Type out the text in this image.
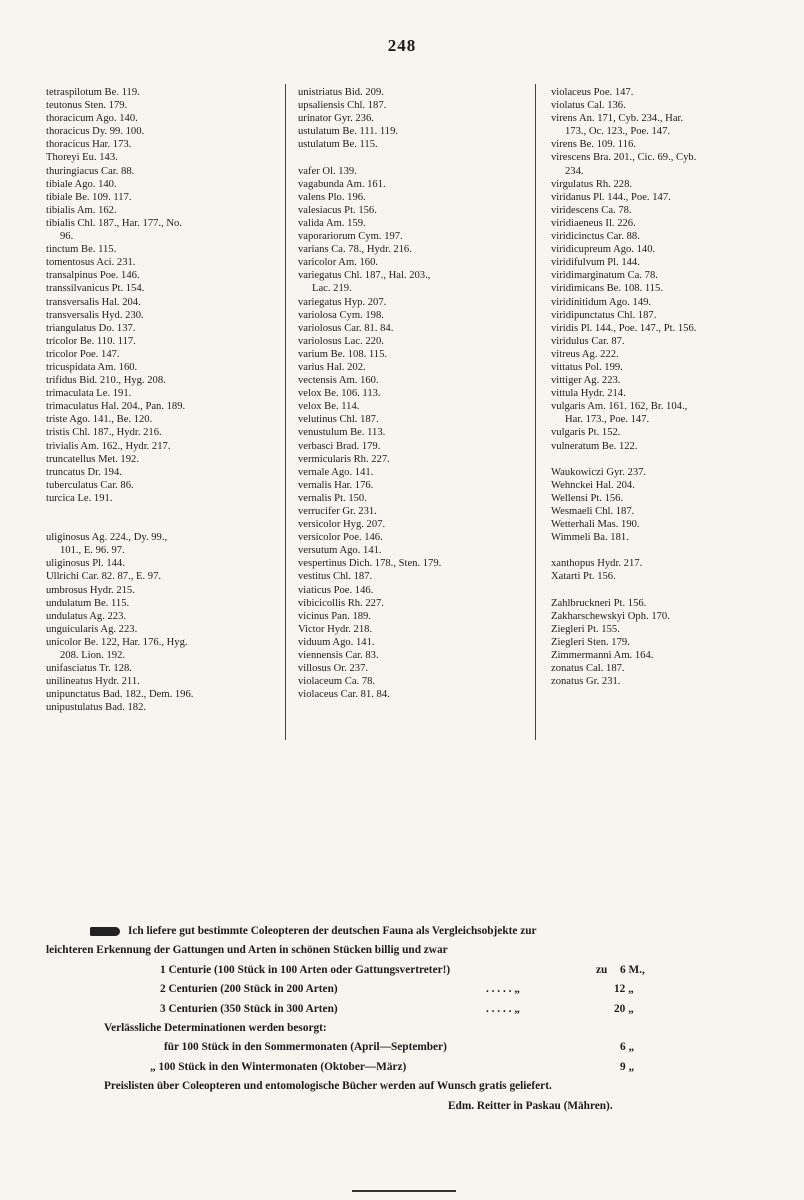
248
tetraspilotum Be. 119.
teutonus Sten. 179.
thoracicum Ago. 140.
thoracicus Dy. 99. 100.
thoracicus Har. 173.
Thoreyi Eu. 143.
thuringiacus Car. 88.
tibiale Ago. 140.
tibiale Be. 109. 117.
tibialis Am. 162.
tibialis Chl. 187., Har. 177., No.
96.
tinctum Be. 115.
tomentosus Aci. 231.
transalpinus Poe. 146.
transsilvanicus Pt. 154.
transversalis Hal. 204.
transversalis Hyd. 230.
triangulatus Do. 137.
tricolor Be. 110. 117.
tricolor Poe. 147.
tricuspidata Am. 160.
trifidus Bid. 210., Hyg. 208.
trimaculata Le. 191.
trimaculatus Hal. 204., Pan. 189.
triste Ago. 141., Be. 120.
tristis Chl. 187., Hydr. 216.
trivialis Am. 162., Hydr. 217.
truncatellus Met. 192.
truncatus Dr. 194.
tuberculatus Car. 86.
turcica Le. 191.
uliginosus Ag. 224., Dy. 99.,
101., E. 96. 97.
uliginosus Pl. 144.
Ullrichi Car. 82. 87., E. 97.
umbrosus Hydr. 215.
undulatum Be. 115.
undulatus Ag. 223.
unguicularis Ag. 223.
unicolor Be. 122, Har. 176., Hyg.
208. Lion. 192.
unifasciatus Tr. 128.
unilineatus Hydr. 211.
unipunctatus Bad. 182., Dem. 196.
unipustulatus Bad. 182.
unistriatus Bid. 209.
upsaliensis Chl. 187.
urinator Gyr. 236.
ustulatum Be. 111. 119.
ustulatum Be. 115.
vafer Ol. 139.
vagabunda Am. 161.
valens Plo. 196.
valesiacus Pt. 156.
valida Am. 159.
vaporariorum Cym. 197.
varians Ca. 78., Hydr. 216.
varicolor Am. 160.
variegatus Chl. 187., Hal. 203.,
Lac. 219.
variegatus Hyp. 207.
variolosa Cym. 198.
variolosus Car. 81. 84.
variolosus Lac. 220.
varium Be. 108. 115.
varius Hal. 202.
vectensis Am. 160.
velox Be. 106. 113.
velox Be. 114.
velutinus Chl. 187.
venustulum Be. 113.
verbasci Brad. 179.
vermicularis Rh. 227.
vernale Ago. 141.
vernalis Har. 176.
vernalis Pt. 150.
verrucifer Gr. 231.
versicolor Hyg. 207.
versicolor Poe. 146.
versutum Ago. 141.
vespertinus Dich. 178., Sten. 179.
vestitus Chl. 187.
viaticus Poe. 146.
vibicicollis Rh. 227.
vicinus Pan. 189.
Victor Hydr. 218.
viduum Ago. 141.
viennensis Car. 83.
villosus Or. 237.
violaceum Ca. 78.
violaceus Car. 81. 84.
violaceus Poe. 147.
violatus Cal. 136.
virens An. 171, Cyb. 234., Har.
173., Oc. 123., Poe. 147.
virens Be. 109. 116.
virescens Bra. 201., Cic. 69., Cyb.
234.
virgulatus Rh. 228.
viridanus Pl. 144., Poe. 147.
viridescens Ca. 78.
viridiaeneus Il. 226.
viridicinctus Car. 88.
viridicupreum Ago. 140.
viridifulvum Pl. 144.
viridimarginatum Ca. 78.
viridimicans Be. 108. 115.
viridinitidum Ago. 149.
viridipunctatus Chl. 187.
viridis Pl. 144., Poe. 147., Pt. 156.
viridulus Car. 87.
vitreus Ag. 222.
vittatus Pol. 199.
vittiger Ag. 223.
vittula Hydr. 214.
vulgaris Am. 161. 162, Br. 104.,
Har. 173., Poe. 147.
vulgaris Pt. 152.
vulneratum Be. 122.
Waukowiczi Gyr. 237.
Wehnckei Hal. 204.
Wellensi Pt. 156.
Wesmaeli Chl. 187.
Wetterhali Mas. 190.
Wimmeli Ba. 181.
xanthopus Hydr. 217.
Xatarti Pt. 156.
Zahlbruckneri Pt. 156.
Zakharschewskyi Oph. 170.
Ziegleri Pt. 155.
Ziegleri Sten. 179.
Zimmermanni Am. 164.
zonatus Cal. 187.
zonatus Gr. 231.
Ich liefere gut bestimmte Coleopteren der deutschen Fauna als Vergleichsobjekte zur
leichteren Erkennung der Gattungen und Arten in schönen Stücken billig und zwar
1 Centurie (100 Stück in 100 Arten oder Gattungsvertreter!)	zu 6 M.,
2 Centurien (200 Stück in 200 Arten)	. . . . . „	12 „
3 Centurien (350 Stück in 300 Arten)	. . . . . „	20 „
Verlässliche Determinationen werden besorgt:
für 100 Stück in den Sommermonaten (April—September)	6 „
„ 100 Stück in den Wintermonaten (Oktober—März)	9 „
Preislisten über Coleopteren und entomologische Bücher werden auf Wunsch gratis geliefert.
Edm. Reitter in Paskau (Mähren).
